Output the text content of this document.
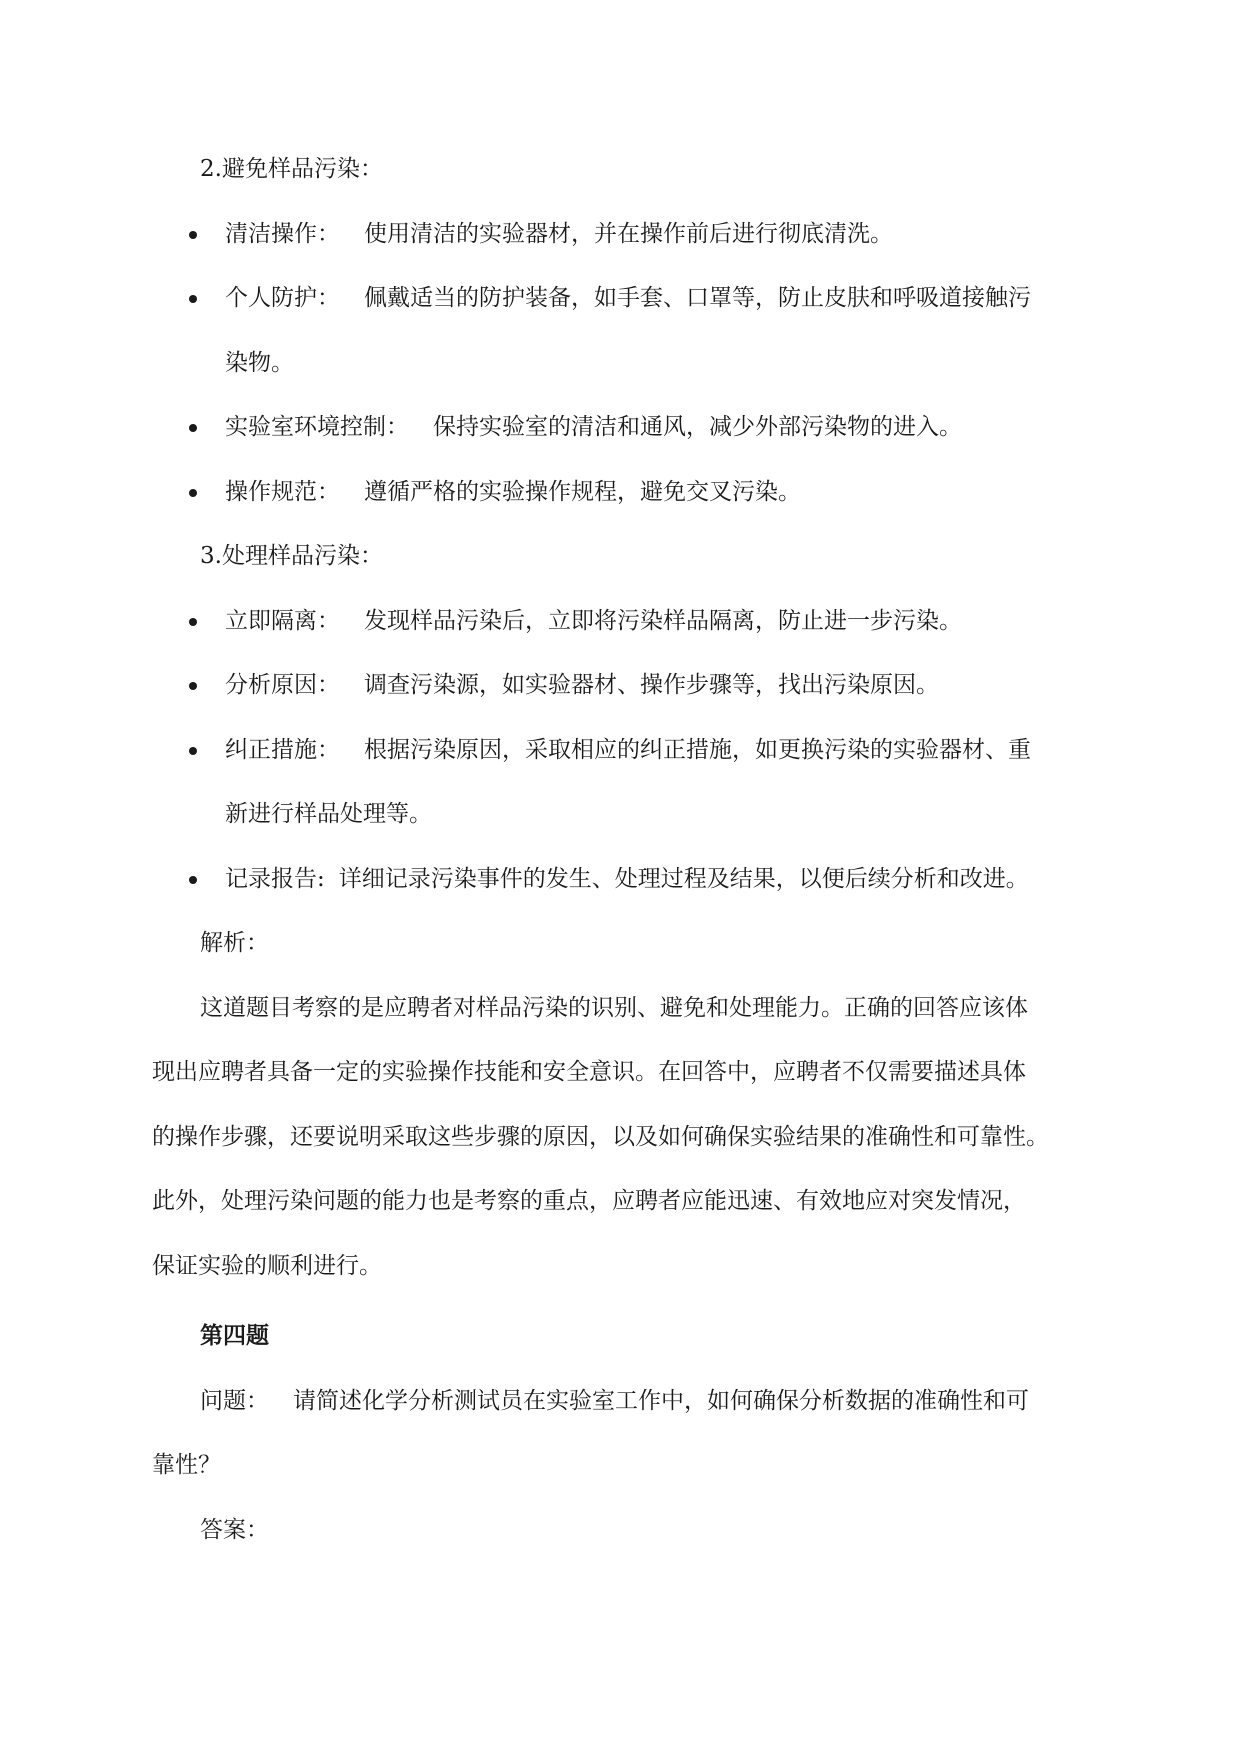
2.避免样品污染：
清洁操作： 使用清洁的实验器材，并在操作前后进行彻底清洗。
个人防护： 佩戴适当的防护装备，如手套、口罩等，防止皮肤和呼吸道接触污
染物。
实验室环境控制： 保持实验室的清洁和通风，减少外部污染物的进入。
操作规范： 遵循严格的实验操作规程，避免交叉污染。
3.处理样品污染：
立即隔离： 发现样品污染后，立即将污染样品隔离，防止进一步污染。
分析原因： 调查污染源，如实验器材、操作步骤等，找出污染原因。
纠正措施： 根据污染原因，采取相应的纠正措施，如更换污染的实验器材、重
新进行样品处理等。
记录报告: 详细记录污染事件的发生、处理过程及结果，以便后续分析和改进。
解析：
这道题目考察的是应聘者对样品污染的识别、避免和处理能力。正确的回答应该体
现出应聘者具备一定的实验操作技能和安全意识。在回答中，应聘者不仅需要描述具体
的操作步骤，还要说明采取这些步骤的原因，以及如何确保实验结果的准确性和可靠性。
此外，处理污染问题的能力也是考察的重点，应聘者应能迅速、有效地应对突发情况，
保证实验的顺利进行。
第四题
问题： 请简述化学分析测试员在实验室工作中，如何确保分析数据的准确性和可
靠性？
答案：
